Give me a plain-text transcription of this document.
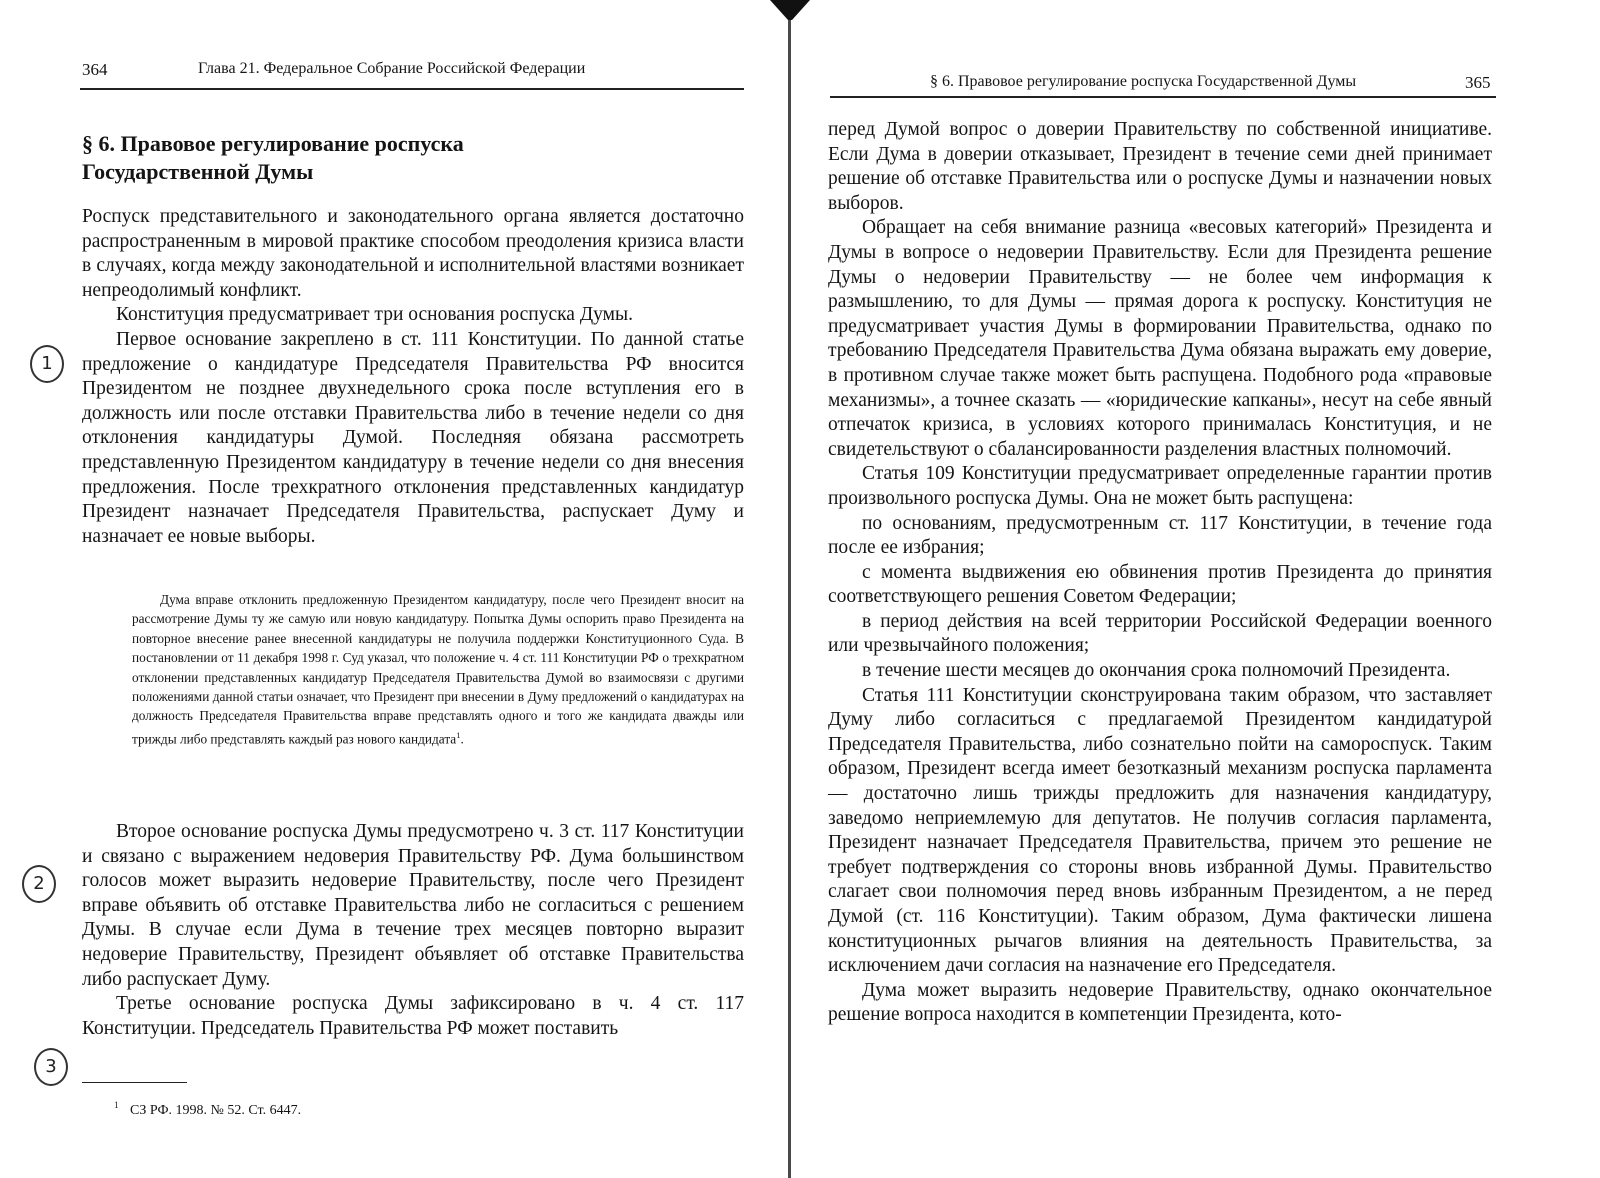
364	Глава 21. Федеральное Собрание Российской Федерации
§ 6. Правовое регулирование роспуска
Государственной Думы

Роспуск представительного и законодательного органа является достаточно распространенным в мировой практике способом преодоления кризиса власти в случаях, когда между законодательной и исполнительной властями возникает непреодолимый конфликт.

Конституция предусматривает три основания роспуска Думы.

Первое основание закреплено в ст. 111 Конституции. По данной статье предложение о кандидатуре Председателя Правительства РФ вносится Президентом не позднее двухнедельного срока после вступления его в должность или после отставки Правительства либо в течение недели со дня отклонения кандидатуры Думой. Последняя обязана рассмотреть представленную Президентом кандидатуру в течение недели со дня внесения предложения. После трехкратного отклонения представленных кандидатур Президент назначает Председателя Правительства, распускает Думу и назначает ее новые выборы.

Дума вправе отклонить предложенную Президентом кандидатуру, после чего Президент вносит на рассмотрение Думы ту же самую или новую кандидатуру. Попытка Думы оспорить право Президента на повторное внесение ранее внесенной кандидатуры не получила поддержки Конституционного Суда. В постановлении от 11 декабря 1998 г. Суд указал, что положение ч. 4 ст. 111 Конституции РФ о трехкратном отклонении представленных кандидатур Председателя Правительства Думой во взаимосвязи с другими положениями данной статьи означает, что Президент при внесении в Думу предложений о кандидатурах на должность Председателя Правительства вправе представлять одного и того же кандидата дважды или трижды либо представлять каждый раз нового кандидата$^1$.

Второе основание роспуска Думы предусмотрено ч. 3 ст. 117 Конституции и связано с выражением недоверия Правительству РФ. Дума большинством голосов может выразить недоверие Правительству, после чего Президент вправе объявить об отставке Правительства либо не согласиться с решением Думы. В случае если Дума в течение трех месяцев повторно выразит недоверие Правительству, Президент объявляет об отставке Правительства либо распускает Думу.

Третье основание роспуска Думы зафиксировано в ч. 4 ст. 117 Конституции. Председатель Правительства РФ может поставить

$^1$ СЗ РФ. 1998. № 52. Ст. 6447.
1
2
3
§ 6. Правовое регулирование роспуска Государственной Думы	365

перед Думой вопрос о доверии Правительству по собственной инициативе. Если Дума в доверии отказывает, Президент в течение семи дней принимает решение об отставке Правительства или о роспуске Думы и назначении новых выборов.

Обращает на себя внимание разница «весовых категорий» Президента и Думы в вопросе о недоверии Правительству. Если для Президента решение Думы о недоверии Правительству — не более чем информация к размышлению, то для Думы — прямая дорога к роспуску. Конституция не предусматривает участия Думы в формировании Правительства, однако по требованию Председателя Правительства Дума обязана выражать ему доверие, в противном случае также может быть распущена. Подобного рода «правовые механизмы», а точнее сказать — «юридические капканы», несут на себе явный отпечаток кризиса, в условиях которого принималась Конституция, и не свидетельствуют о сбалансированности разделения властных полномочий.

Статья 109 Конституции предусматривает определенные гарантии против произвольного роспуска Думы. Она не может быть распущена:

по основаниям, предусмотренным ст. 117 Конституции, в течение года после ее избрания;

с момента выдвижения ею обвинения против Президента до принятия соответствующего решения Советом Федерации;

в период действия на всей территории Российской Федерации военного или чрезвычайного положения;

в течение шести месяцев до окончания срока полномочий Президента.

Статья 111 Конституции сконструирована таким образом, что заставляет Думу либо согласиться с предлагаемой Президентом кандидатурой Председателя Правительства, либо сознательно пойти на самороспуск. Таким образом, Президент всегда имеет безотказный механизм роспуска парламента — достаточно лишь трижды предложить для назначения кандидатуру, заведомо неприемлемую для депутатов. Не получив согласия парламента, Президент назначает Председателя Правительства, причем это решение не требует подтверждения со стороны вновь избранной Думы. Правительство слагает свои полномочия перед вновь избранным Президентом, а не перед Думой (ст. 116 Конституции). Таким образом, Дума фактически лишена конституционных рычагов влияния на деятельность Правительства, за исключением дачи согласия на назначение его Председателя.

Дума может выразить недоверие Правительству, однако окончательное решение вопроса находится в компетенции Президента, кото-
